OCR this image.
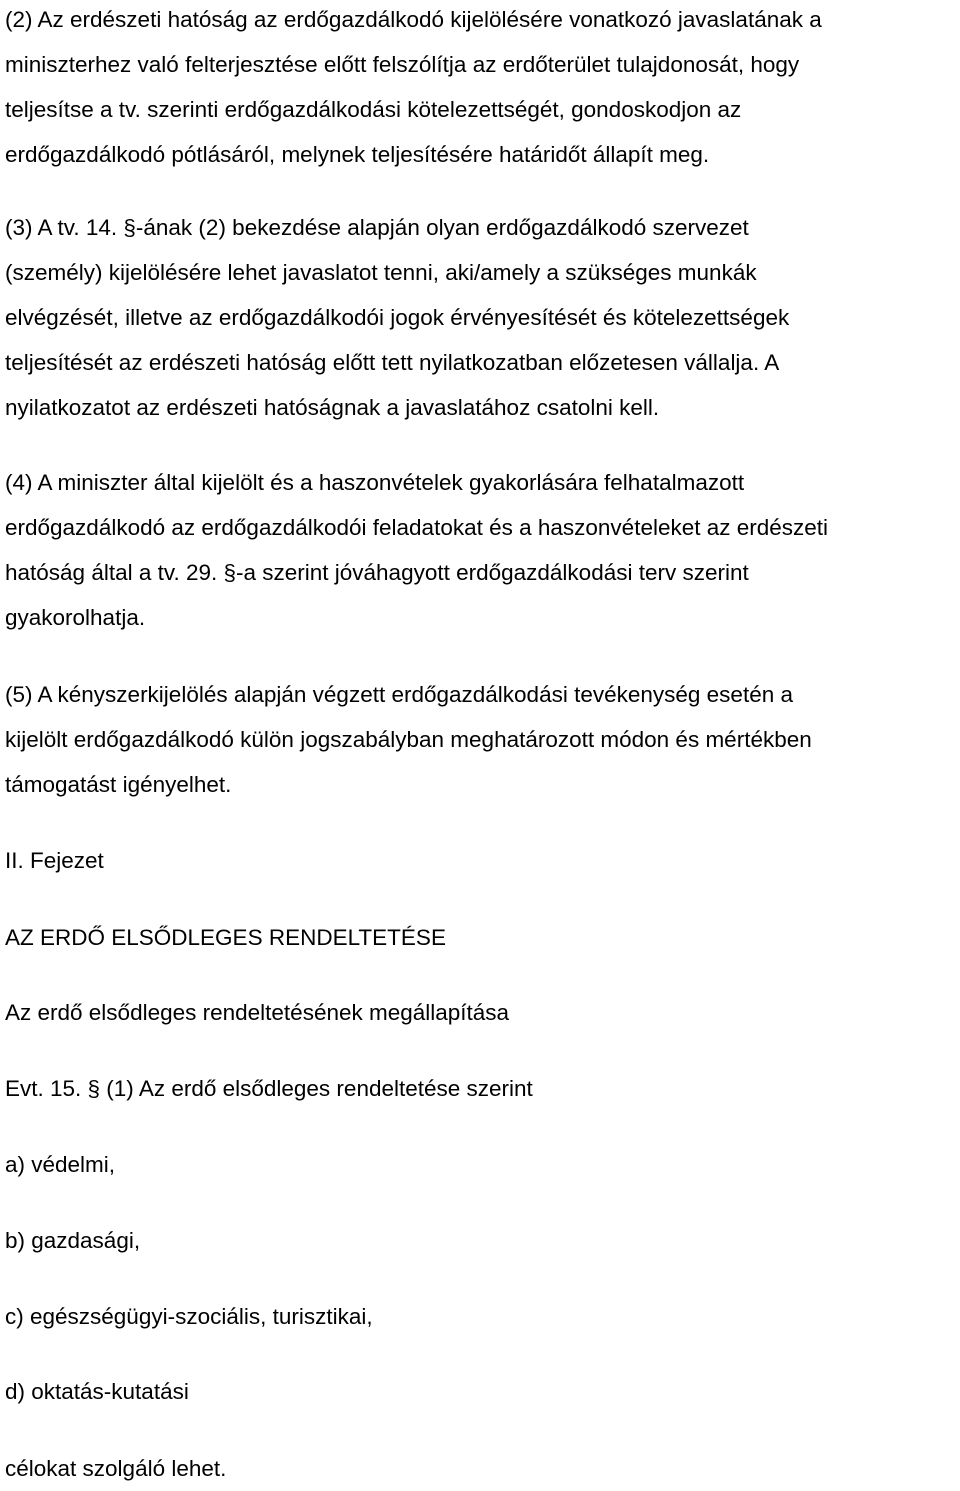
(2) Az erdészeti hatóság az erdőgazdálkodó kijelölésére vonatkozó javaslatának a
miniszterhez való felterjesztése előtt felszólítja az erdőterület tulajdonosát, hogy
teljesítse a tv. szerinti erdőgazdálkodási kötelezettségét, gondoskodjon az
erdőgazdálkodó pótlásáról, melynek teljesítésére határidőt állapít meg.
(3) A tv. 14. §-ának (2) bekezdése alapján olyan erdőgazdálkodó szervezet
(személy) kijelölésére lehet javaslatot tenni, aki/amely a szükséges munkák
elvégzését, illetve az erdőgazdálkodói jogok érvényesítését és kötelezettségek
teljesítését az erdészeti hatóság előtt tett nyilatkozatban előzetesen vállalja. A
nyilatkozatot az erdészeti hatóságnak a javaslatához csatolni kell.
(4) A miniszter által kijelölt és a haszonvételek gyakorlására felhatalmazott
erdőgazdálkodó az erdőgazdálkodói feladatokat és a haszonvételeket az erdészeti
hatóság által a tv. 29. §-a szerint jóváhagyott erdőgazdálkodási terv szerint
gyakorolhatja.
(5) A kényszerkijelölés alapján végzett erdőgazdálkodási tevékenység esetén a
kijelölt erdőgazdálkodó külön jogszabályban meghatározott módon és mértékben
támogatást igényelhet.
II. Fejezet
AZ ERDŐ ELSŐDLEGES RENDELTETÉSE
Az erdő elsődleges rendeltetésének megállapítása
Evt. 15. § (1) Az erdő elsődleges rendeltetése szerint
a) védelmi,
b) gazdasági,
c) egészségügyi-szociális, turisztikai,
d) oktatás-kutatási
célokat szolgáló lehet.
